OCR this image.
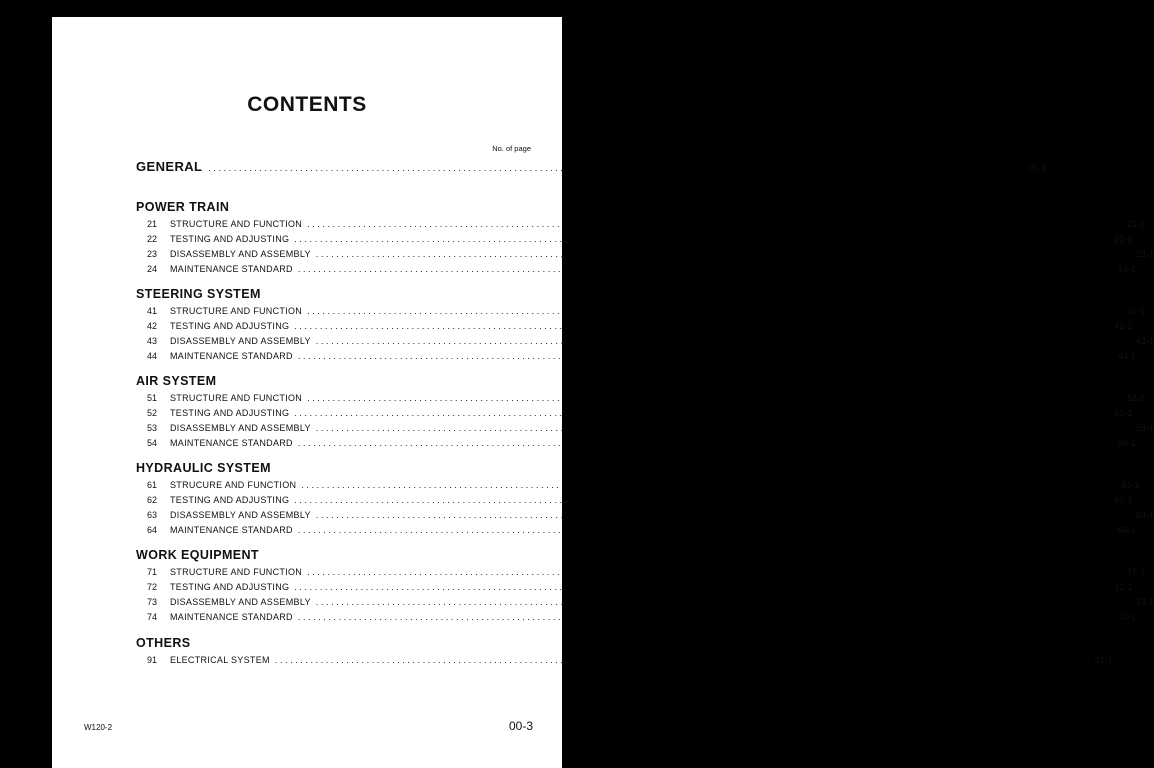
CONTENTS
No. of page
GENERAL ................................................................................................................................................................ 01-1
POWER TRAIN
21 STRUCTURE AND FUNCTION ................................................................................................................................................................ 21-1
22 TESTING AND ADJUSTING ................................................................................................................................................................ 22-1
23 DISASSEMBLY AND ASSEMBLY ................................................................................................................................................................ 23-1
24 MAINTENANCE STANDARD ................................................................................................................................................................ 24-1
STEERING SYSTEM
41 STRUCTURE AND FUNCTION ................................................................................................................................................................ 41-1
42 TESTING AND ADJUSTING ................................................................................................................................................................ 42-1
43 DISASSEMBLY AND ASSEMBLY ................................................................................................................................................................ 43-1
44 MAINTENANCE STANDARD ................................................................................................................................................................ 44-1
AIR SYSTEM
51 STRUCTURE AND FUNCTION ................................................................................................................................................................ 51-1
52 TESTING AND ADJUSTING ................................................................................................................................................................ 52-1
53 DISASSEMBLY AND ASSEMBLY ................................................................................................................................................................ 53-1
54 MAINTENANCE STANDARD ................................................................................................................................................................ 54-1
HYDRAULIC SYSTEM
61 STRUCURE AND FUNCTION ................................................................................................................................................................ 61-1
62 TESTING AND ADJUSTING ................................................................................................................................................................ 62-1
63 DISASSEMBLY AND ASSEMBLY ................................................................................................................................................................ 63-1
64 MAINTENANCE STANDARD ................................................................................................................................................................ 64-1
WORK EQUIPMENT
71 STRUCTURE AND FUNCTION ................................................................................................................................................................ 71-1
72 TESTING AND ADJUSTING ................................................................................................................................................................ 72-1
73 DISASSEMBLY AND ASSEMBLY ................................................................................................................................................................ 73-1
74 MAINTENANCE STANDARD ................................................................................................................................................................ 74-1
OTHERS
91 ELECTRICAL SYSTEM ................................................................................................................................................................ 91-1
W120-2	00-3
